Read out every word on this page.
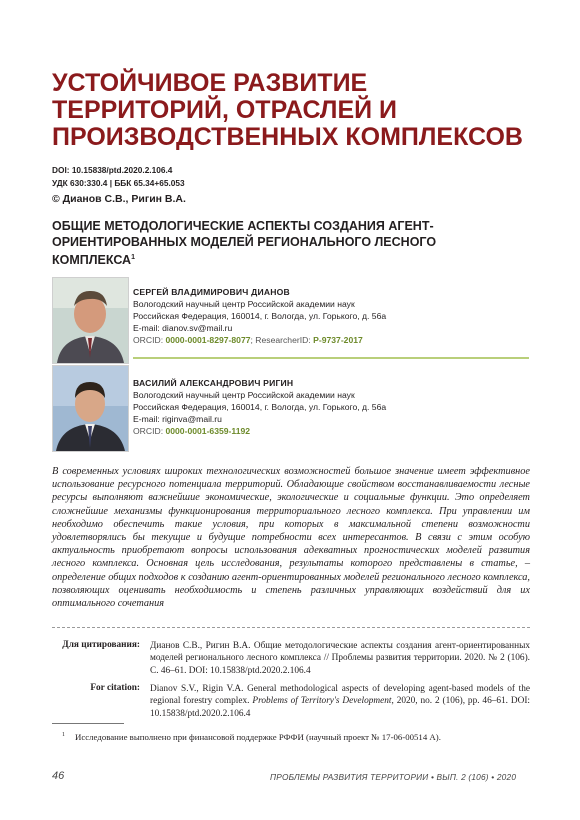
УСТОЙЧИВОЕ РАЗВИТИЕ ТЕРРИТОРИЙ, ОТРАСЛЕЙ И ПРОИЗВОДСТВЕННЫХ КОМПЛЕКСОВ
DOI: 10.15838/ptd.2020.2.106.4
УДК 630:330.4 | ББК 65.34+65.053
© Дианов С.В., Ригин В.А.
ОБЩИЕ МЕТОДОЛОГИЧЕСКИЕ АСПЕКТЫ СОЗДАНИЯ АГЕНТ-ОРИЕНТИРОВАННЫХ МОДЕЛЕЙ РЕГИОНАЛЬНОГО ЛЕСНОГО КОМПЛЕКСА$^1$
СЕРГЕЙ ВЛАДИМИРОВИЧ ДИАНОВ
Вологодский научный центр Российской академии наук
Российская Федерация, 160014, г. Вологда, ул. Горького, д. 56а
E-mail: dianov.sv@mail.ru
ORCID: 0000-0001-8297-8077; ResearcherID: P-9737-2017
ВАСИЛИЙ АЛЕКСАНДРОВИЧ РИГИН
Вологодский научный центр Российской академии наук
Российская Федерация, 160014, г. Вологда, ул. Горького, д. 56а
E-mail: riginva@mail.ru
ORCID: 0000-0001-6359-1192

В современных условиях широких технологических возможностей большое значение имеет эффективное использование ресурсного потенциала территорий. Обладающие свойством восстанавливаемости лесные ресурсы выполняют важнейшие экономические, экологические и социальные функции. Это определяет сложнейшие механизмы функционирования территориального лесного комплекса. При управлении им необходимо обеспечить такие условия, при которых в максимальной степени возможности удовлетворялись бы текущие и будущие потребности всех интересантов. В связи с этим особую актуальность приобретают вопросы использования адекватных прогностических моделей развития лесного комплекса. Основная цель исследования, результаты которого представлены в статье, – определение общих подходов к созданию агент-ориентированных моделей регионального лесного комплекса, позволяющих оценивать необходимость и степень различных управляющих воздействий для их оптимального сочетания

Для цитирования: Дианов С.В., Ригин В.А. Общие методологические аспекты создания агент-ориентированных моделей регионального лесного комплекса // Проблемы развития территории. 2020. № 2 (106). С. 46–61. DOI: 10.15838/ptd.2020.2.106.4
For citation: Dianov S.V., Rigin V.A. General methodological aspects of developing agent-based models of the regional forestry complex. Problems of Territory's Development, 2020, no. 2 (106), pp. 46–61. DOI: 10.15838/ptd.2020.2.106.4
$^1$ Исследование выполнено при финансовой поддержке РФФИ (научный проект № 17-06-00514 А).
46	ПРОБЛЕМЫ РАЗВИТИЯ ТЕРРИТОРИИ • ВЫП. 2 (106) • 2020
